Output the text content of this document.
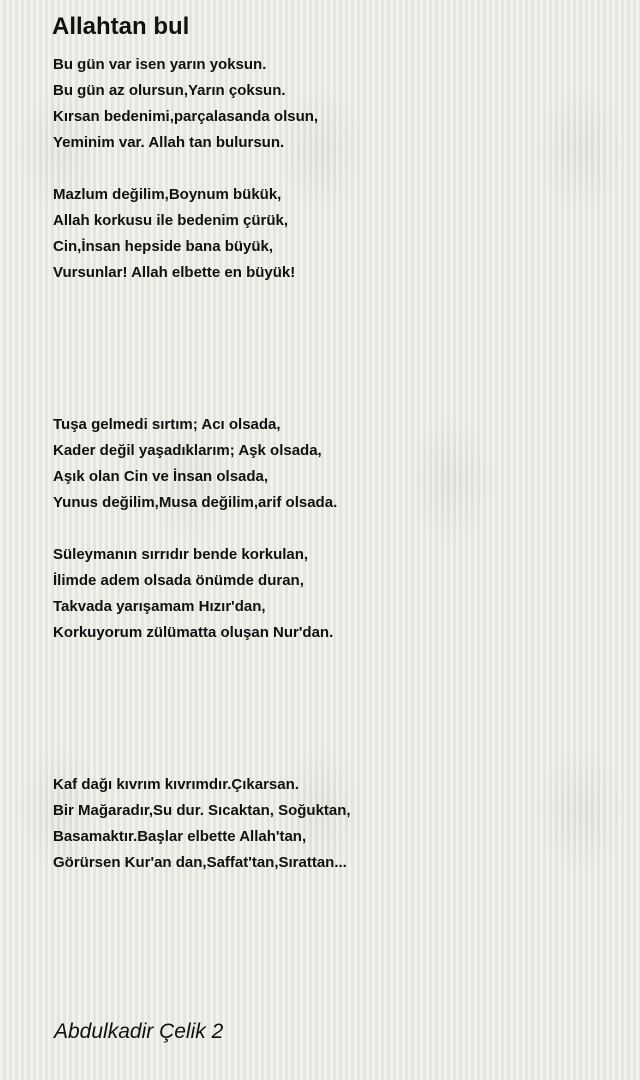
Allahtan bul
Bu gün var isen yarın yoksun.
Bu gün az olursun,Yarın çoksun.
Kırsan bedenimi,parçalasanda olsun,
Yeminim var. Allah tan bulursun.
Mazlum değilim,Boynum bükük,
Allah korkusu ile bedenim çürük,
Cin,İnsan hepside bana büyük,
Vursunlar! Allah elbette en büyük!
Tuşa gelmedi sırtım; Acı olsada,
Kader değil yaşadıklarım; Aşk olsada,
Aşık olan Cin ve İnsan olsada,
Yunus değilim,Musa değilim,arif olsada.
Süleymanın sırrıdır bende korkulan,
İlimde adem olsada önümde duran,
Takvada yarışamam Hızır'dan,
Korkuyorum zülümatta oluşan Nur'dan.
Kaf dağı kıvrım kıvrımdır.Çıkarsan.
Bir Mağaradır,Su dur. Sıcaktan, Soğuktan,
Basamaktır.Başlar elbette Allah'tan,
Görürsen Kur'an dan,Saffat'tan,Sırattan...
Abdulkadir Çelik 2
